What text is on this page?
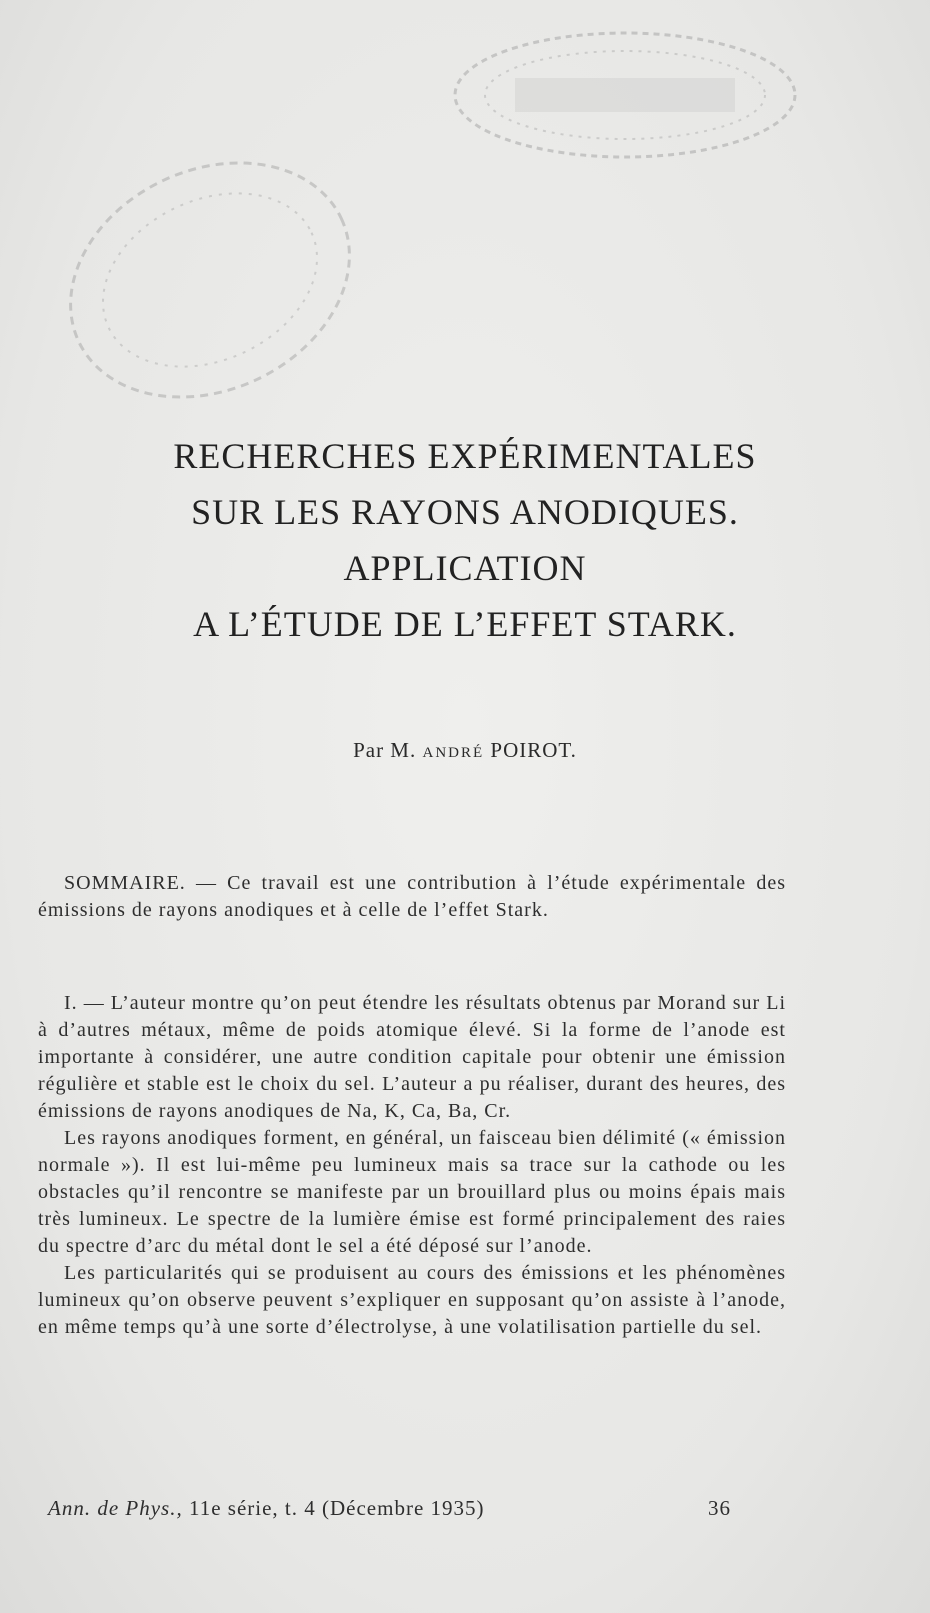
RECHERCHES EXPÉRIMENTALES
SUR LES RAYONS ANODIQUES.
APPLICATION
A L’ÉTUDE DE L’EFFET STARK.
Par M. ANDRÉ POIROT.

SOMMAIRE. — Ce travail est une contribution à l’étude expérimentale des émissions de rayons anodiques et à celle de l’effet Stark.

I. — L’auteur montre qu’on peut étendre les résultats obtenus par Morand sur Li à d’autres métaux, même de poids atomique élevé. Si la forme de l’anode est importante à considérer, une autre condition capitale pour obtenir une émission régulière et stable est le choix du sel. L’auteur a pu réaliser, durant des heures, des émissions de rayons anodiques de Na, K, Ca, Ba, Cr.

Les rayons anodiques forment, en général, un faisceau bien délimité (« émission normale »). Il est lui-même peu lumineux mais sa trace sur la cathode ou les obstacles qu’il rencontre se manifeste par un brouillard plus ou moins épais mais très lumineux. Le spectre de la lumière émise est formé principalement des raies du spectre d’arc du métal dont le sel a été déposé sur l’anode.

Les particularités qui se produisent au cours des émissions et les phénomènes lumineux qu’on observe peuvent s’expliquer en supposant qu’on assiste à l’anode, en même temps qu’à une sorte d’électrolyse, à une volatilisation partielle du sel.

Ann. de Phys., 11e série, t. 4 (Décembre 1935)	36
